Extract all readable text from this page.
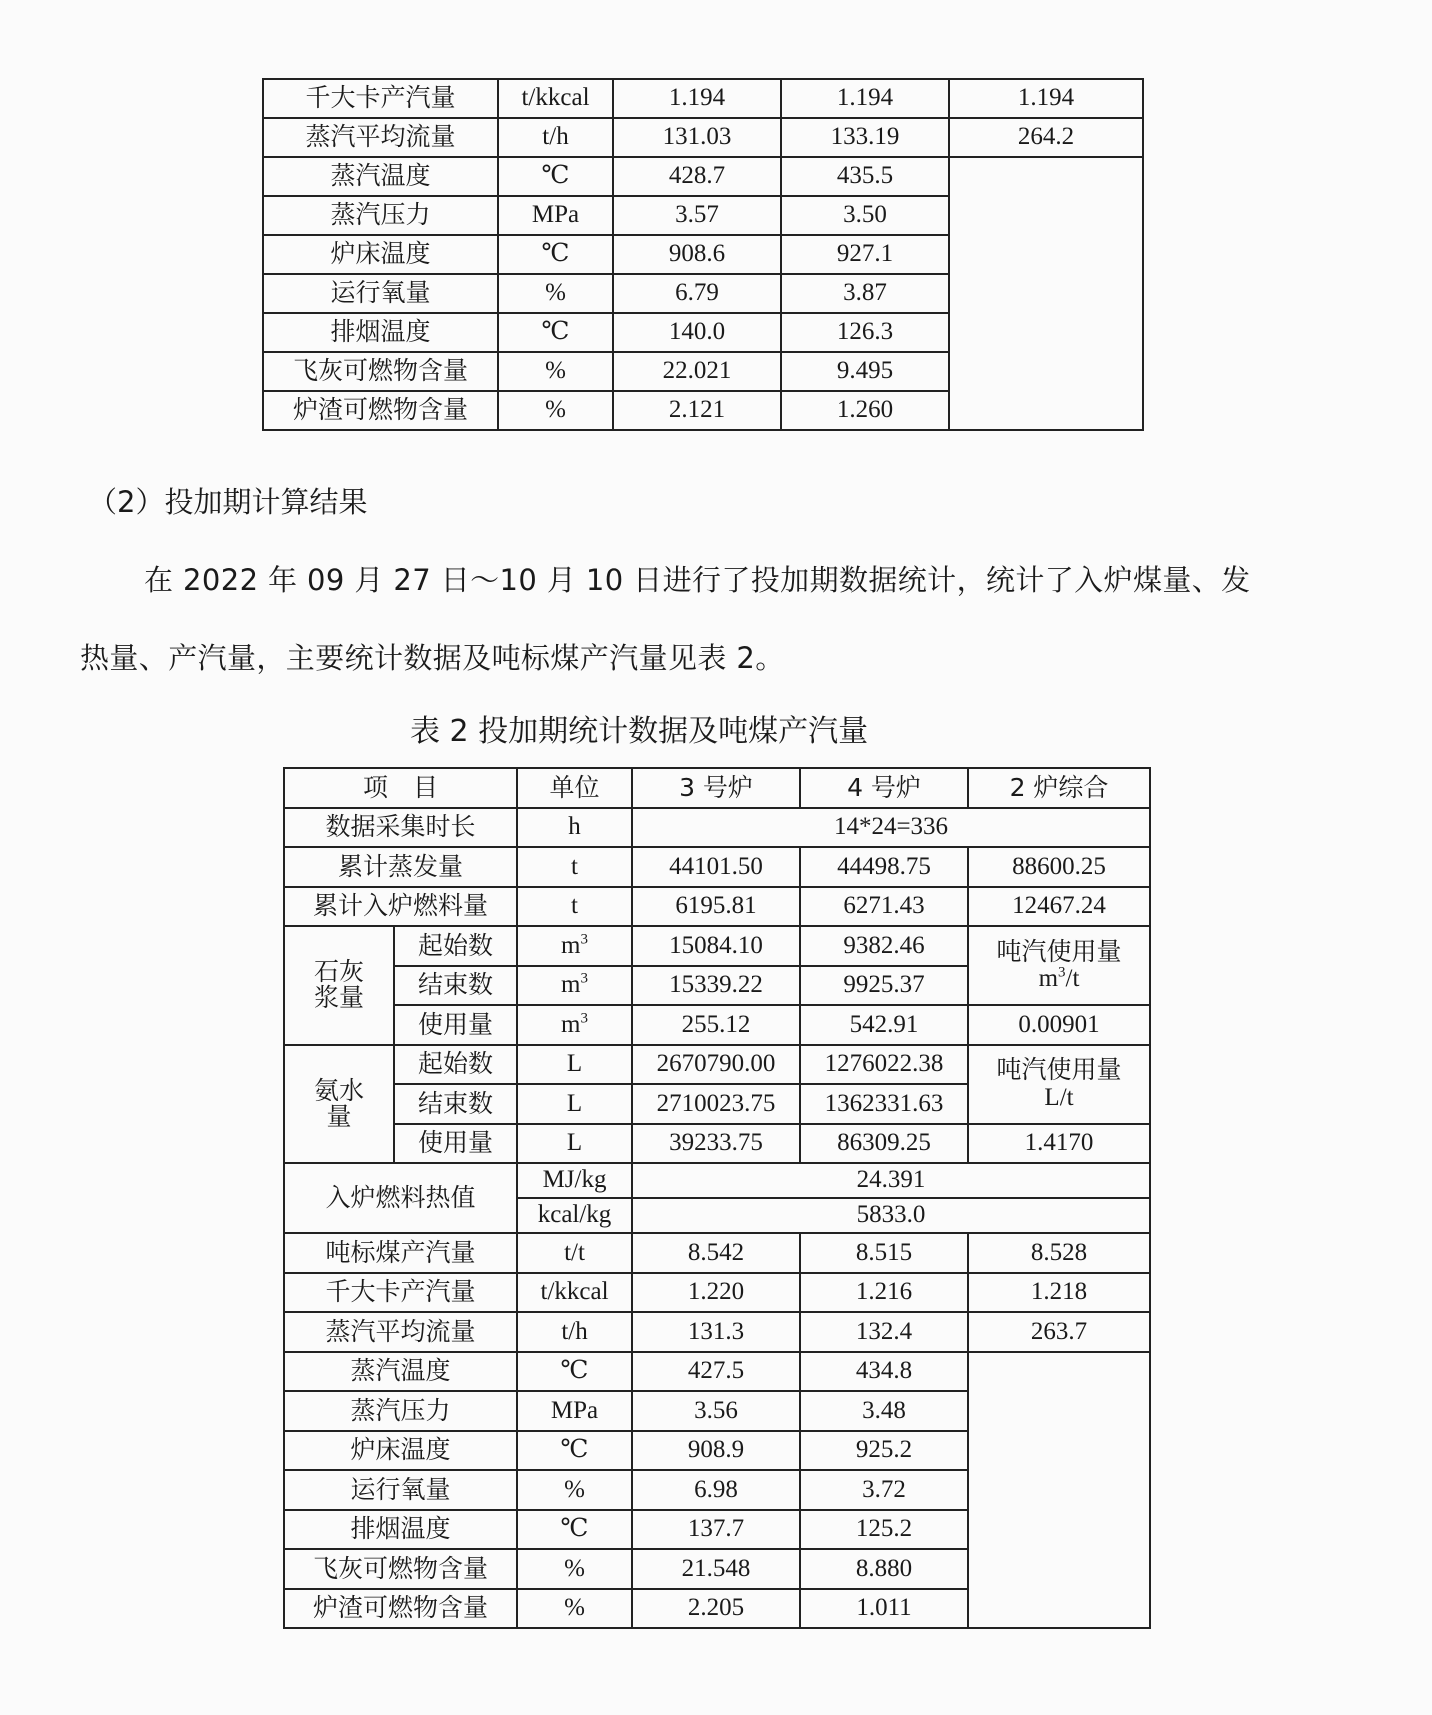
千大卡产汽量	t/kkcal	1.194	1.194	1.194
蒸汽平均流量	t/h	131.03	133.19	264.2
蒸汽温度	℃	428.7	435.5	
蒸汽压力	MPa	3.57	3.50	
炉床温度	℃	908.6	927.1	
运行氧量	%	6.79	3.87	
排烟温度	℃	140.0	126.3	
飞灰可燃物含量	%	22.021	9.495	
炉渣可燃物含量	%	2.121	1.260	
（2）投加期计算结果
在 2022 年 09 月 27 日～10 月 10 日进行了投加期数据统计，统计了入炉煤量、发
热量、产汽量，主要统计数据及吨标煤产汽量见表 2。
表 2 投加期统计数据及吨煤产汽量
项　目		单位	3 号炉	4 号炉	2 炉综合
数据采集时长		h	14*24=336		
累计蒸发量		t	44101.50	44498.75	88600.25
累计入炉燃料量		t	6195.81	6271.43	12467.24
石灰
浆量	起始数	$m^3$	15084.10	9382.46	吨汽使用量
$m^3/t$
	结束数	$m^3$	15339.22	9925.37	
	使用量	$m^3$	255.12	542.91	0.00901
氨水
量	起始数	L	2670790.00	1276022.38	吨汽使用量
L/t
	结束数	L	2710023.75	1362331.63	
	使用量	L	39233.75	86309.25	1.4170
入炉燃料热值		MJ/kg	24.391		
		kcal/kg	5833.0		
吨标煤产汽量		t/t	8.542	8.515	8.528
千大卡产汽量		t/kkcal	1.220	1.216	1.218
蒸汽平均流量		t/h	131.3	132.4	263.7
蒸汽温度		℃	427.5	434.8	
蒸汽压力		MPa	3.56	3.48	
炉床温度		℃	908.9	925.2	
运行氧量		%	6.98	3.72	
排烟温度		℃	137.7	125.2	
飞灰可燃物含量		%	21.548	8.880	
炉渣可燃物含量		%	2.205	1.011	
